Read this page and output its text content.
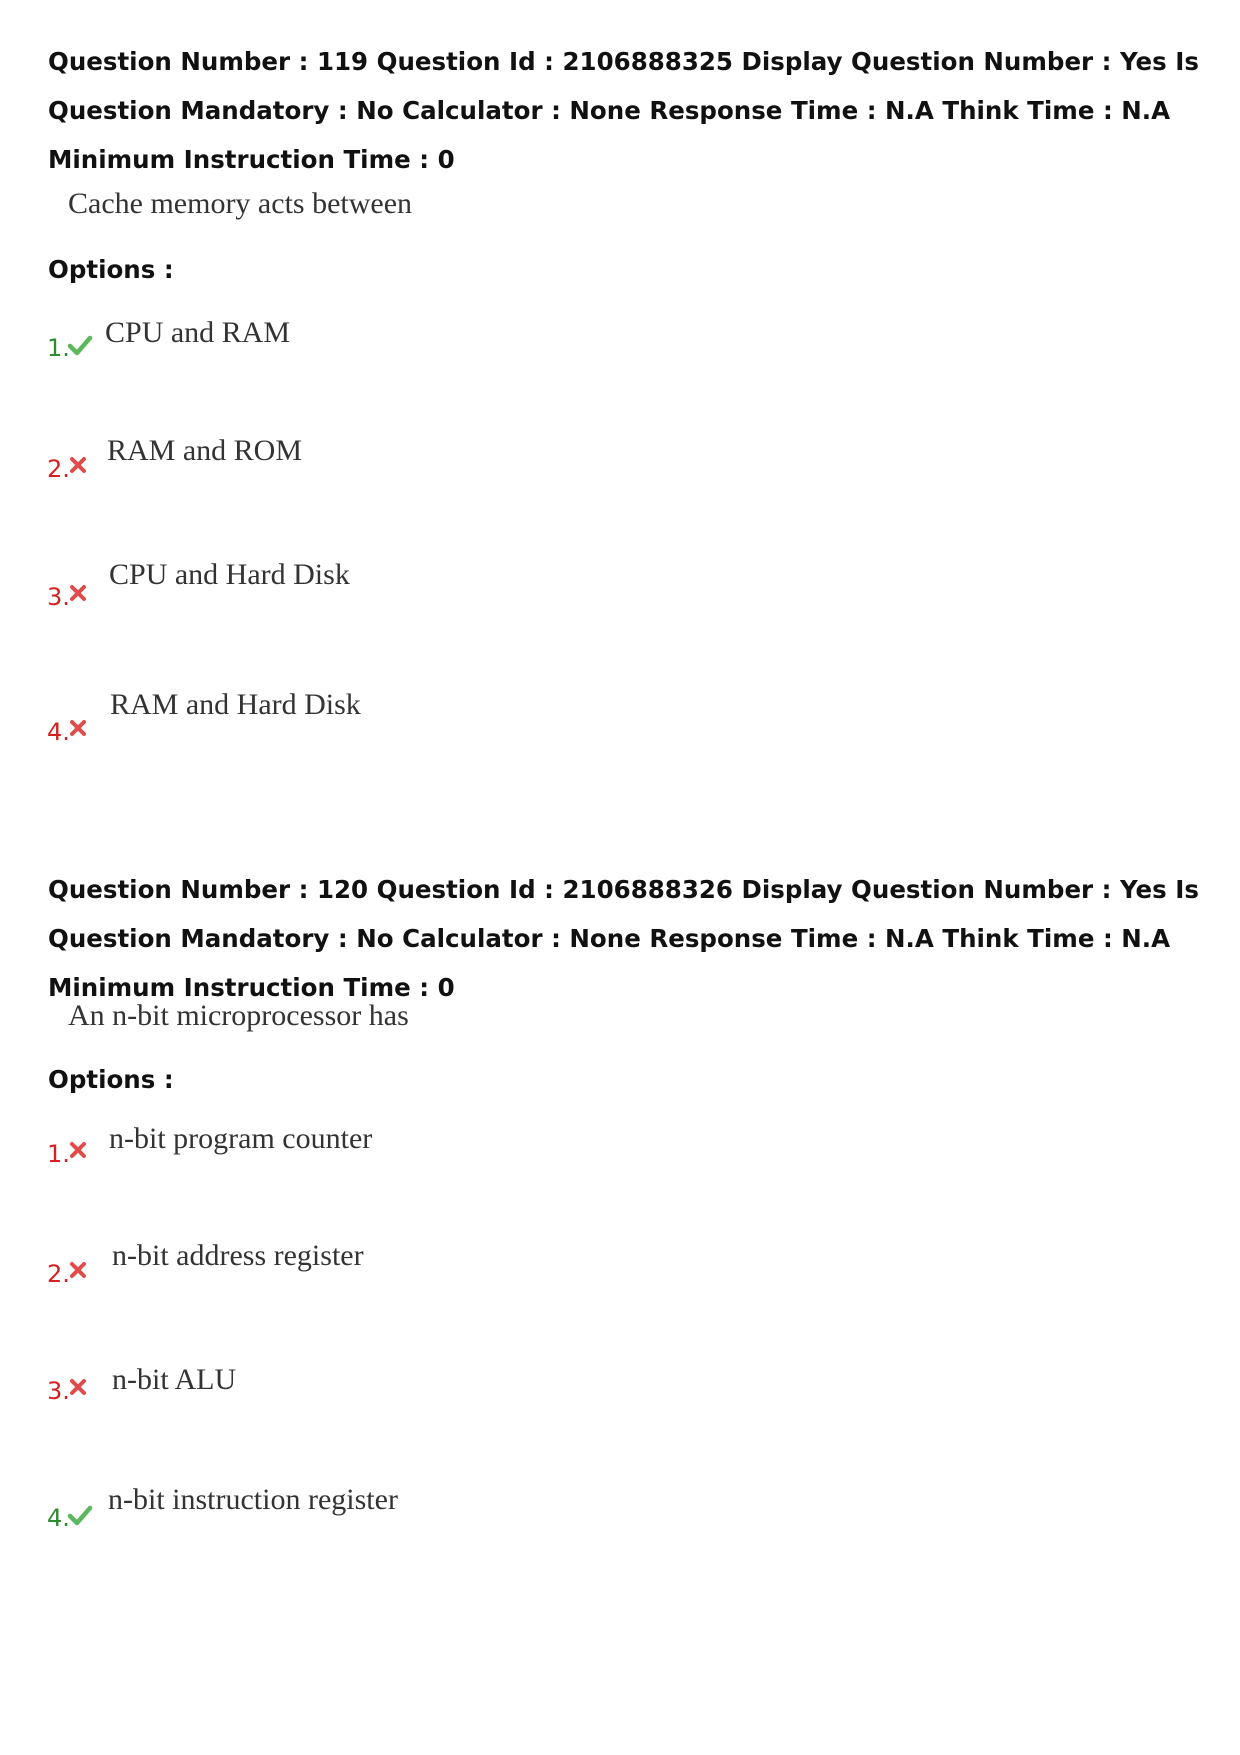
Question Number : 119 Question Id : 2106888325 Display Question Number : Yes Is Question Mandatory : No Calculator : None Response Time : N.A Think Time : N.A Minimum Instruction Time : 0
Cache memory acts between
Options :
1. CPU and RAM
2.
RAM and ROM
3.
CPU and Hard Disk
4.
RAM and Hard Disk
Question Number : 120 Question Id : 2106888326 Display Question Number : Yes Is Question Mandatory : No Calculator : None Response Time : N.A Think Time : N.A Minimum Instruction Time : 0
An n-bit microprocessor has
Options :
1. n-bit program counter
2.
n-bit address register
3. n-bit ALU
4.
n-bit instruction register
